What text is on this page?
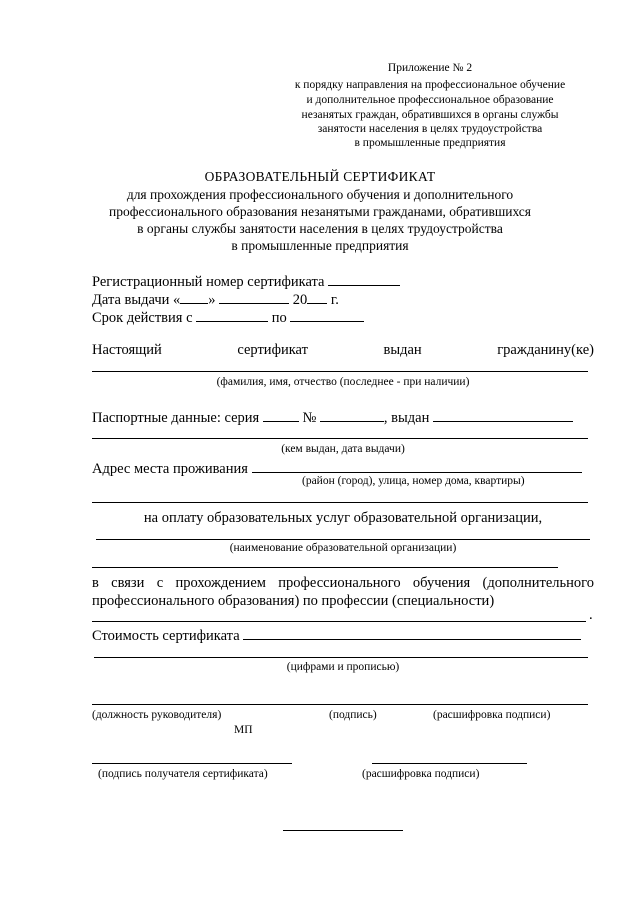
Приложение № 2
к порядку направления на профессиональное обучение
и дополнительное профессиональное образование
незанятых граждан, обратившихся в органы службы
занятости населения в целях трудоустройства
в промышленные предприятия
ОБРАЗОВАТЕЛЬНЫЙ СЕРТИФИКАТ
для прохождения профессионального обучения и дополнительного
профессионального образования незанятыми гражданами, обратившихся
в органы службы занятости населения в целях трудоустройства
в промышленные предприятия
Регистрационный номер сертификата
Дата выдачи « »	20 г.
Срок действия с	по
Настоящий	сертификат	выдан	гражданину(ке)
(фамилия, имя, отчество (последнее - при наличии)
Паспортные данные: серия	№	, выдан
(кем выдан, дата выдачи)
Адрес места проживания
(район (город), улица, номер дома, квартиры)
на оплату образовательных услуг образовательной организации,
(наименование образовательной организации)
в связи с прохождением профессионального обучения (дополнительного
профессионального образования) по профессии (специальности)
.
Стоимость сертификата
(цифрами и прописью)
(должность руководителя)	(подпись)	(расшифровка подписи)
МП
(подпись получателя сертификата)	(расшифровка подписи)
